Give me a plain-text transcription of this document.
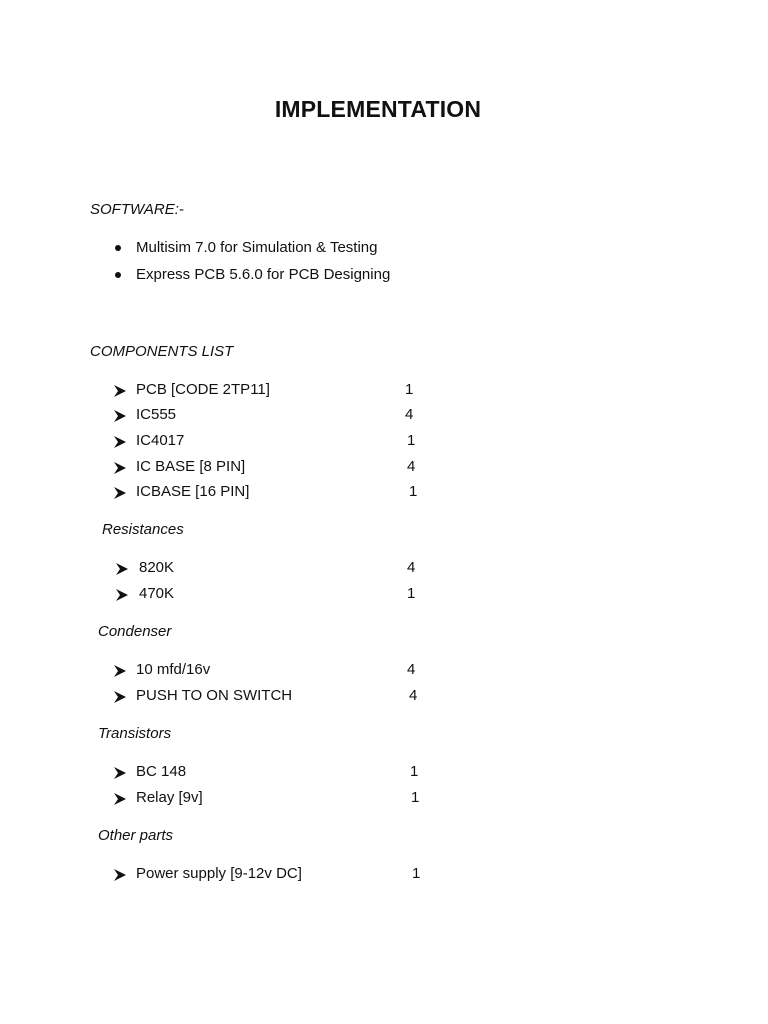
IMPLEMENTATION
SOFTWARE:-
Multisim 7.0 for Simulation & Testing
Express PCB 5.6.0 for PCB Designing
COMPONENTS LIST
PCB [CODE 2TP11]	1
IC555	4
IC4017	1
IC BASE [8 PIN]	4
ICBASE [16 PIN]	1
Resistances
820K	4
470K	1
Condenser
10 mfd/16v	4
PUSH TO ON SWITCH	4
Transistors
BC 148	1
Relay [9v]	1
Other parts
Power supply [9-12v DC]	1
